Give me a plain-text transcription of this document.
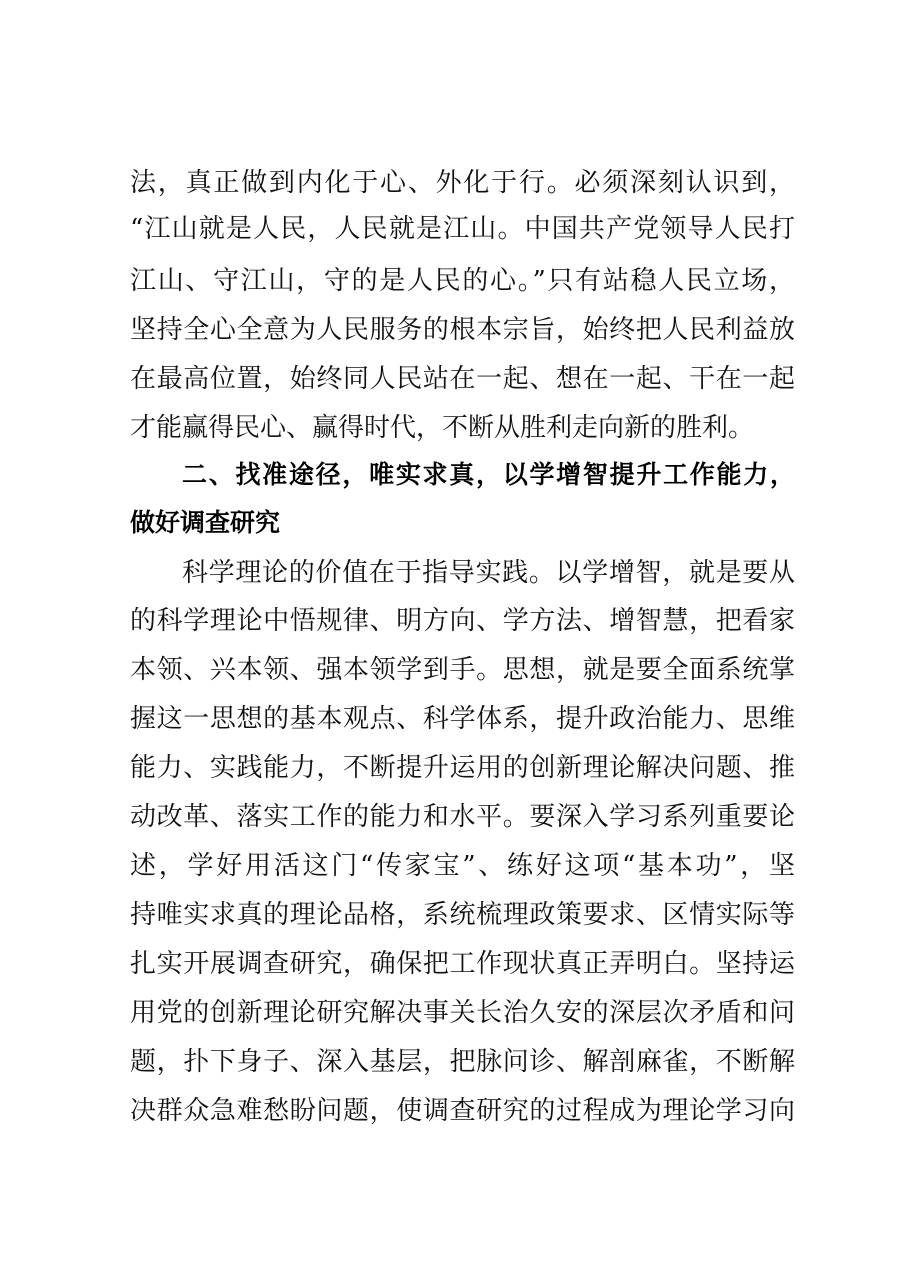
法，真正做到内化于心、外化于行。必须深刻认识到，
“江山就是人民，人民就是江山。中国共产党领导人民打
江山、守江山，守的是人民的心。”只有站稳人民立场，
坚持全心全意为人民服务的根本宗旨，始终把人民利益放
在最高位置，始终同人民站在一起、想在一起、干在一起
才能赢得民心、赢得时代，不断从胜利走向新的胜利。
二、找准途径，唯实求真，以学增智提升工作能力，
做好调查研究
科学理论的价值在于指导实践。以学增智，就是要从
的科学理论中悟规律、明方向、学方法、增智慧，把看家
本领、兴本领、强本领学到手。思想，就是要全面系统掌
握这一思想的基本观点、科学体系，提升政治能力、思维
能力、实践能力，不断提升运用的创新理论解决问题、推
动改革、落实工作的能力和水平。要深入学习系列重要论
述，学好用活这门“传家宝”、练好这项“基本功”，坚
持唯实求真的理论品格，系统梳理政策要求、区情实际等
扎实开展调查研究，确保把工作现状真正弄明白。坚持运
用党的创新理论研究解决事关长治久安的深层次矛盾和问
题，扑下身子、深入基层，把脉问诊、解剖麻雀，不断解
决群众急难愁盼问题，使调查研究的过程成为理论学习向
